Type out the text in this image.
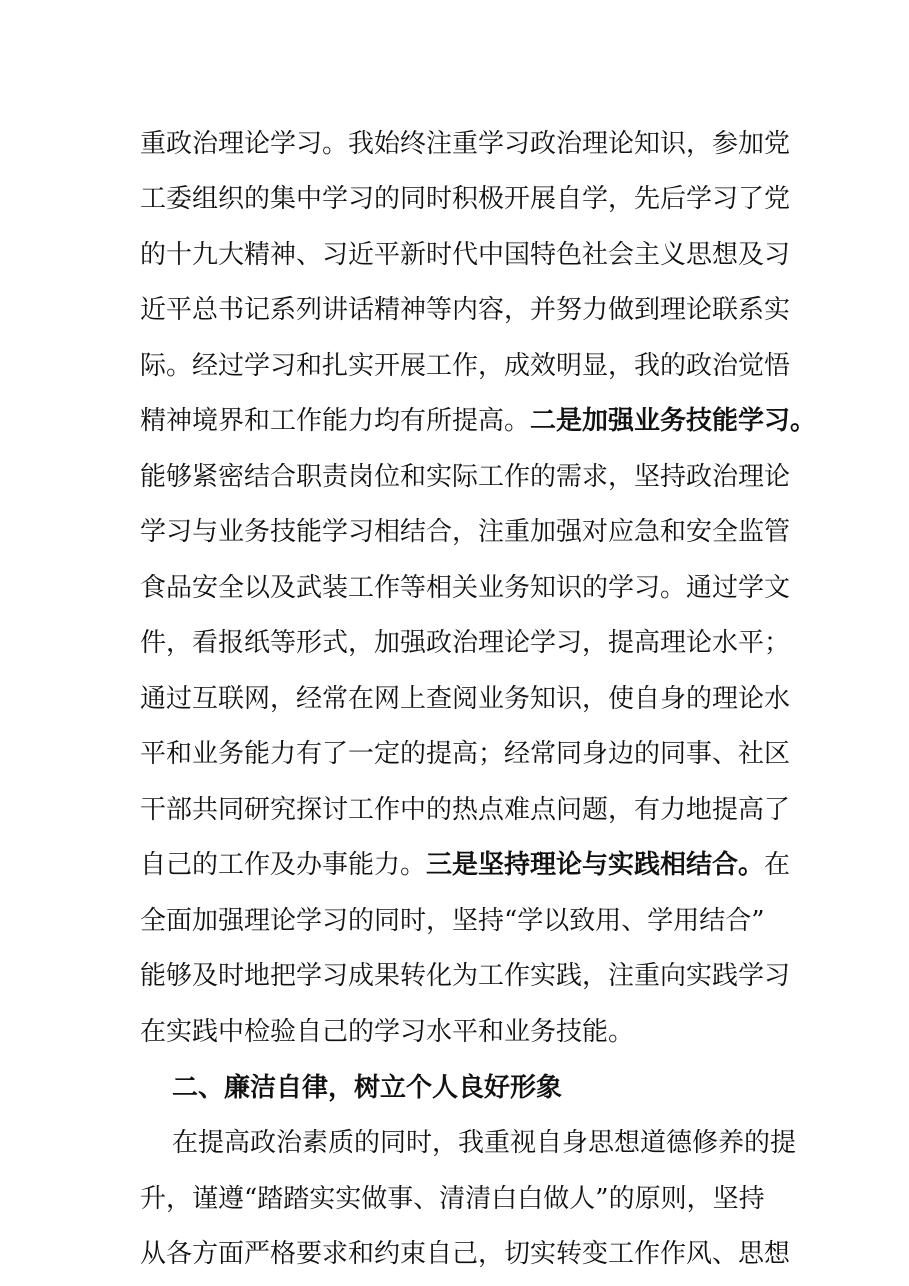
重政治理论学习。我始终注重学习政治理论知识，参加党
工委组织的集中学习的同时积极开展自学，先后学习了党
的十九大精神、习近平新时代中国特色社会主义思想及习
近平总书记系列讲话精神等内容，并努力做到理论联系实
际。经过学习和扎实开展工作，成效明显，我的政治觉悟
精神境界和工作能力均有所提高。二是加强业务技能学习。
能够紧密结合职责岗位和实际工作的需求，坚持政治理论
学习与业务技能学习相结合，注重加强对应急和安全监管
食品安全以及武装工作等相关业务知识的学习。通过学文
件，看报纸等形式，加强政治理论学习，提高理论水平；
通过互联网，经常在网上查阅业务知识，使自身的理论水
平和业务能力有了一定的提高；经常同身边的同事、社区
干部共同研究探讨工作中的热点难点问题，有力地提高了
自己的工作及办事能力。三是坚持理论与实践相结合。在
全面加强理论学习的同时，坚持“学以致用、学用结合”
能够及时地把学习成果转化为工作实践，注重向实践学习
在实践中检验自己的学习水平和业务技能。
二、廉洁自律，树立个人良好形象
在提高政治素质的同时，我重视自身思想道德修养的提
升，谨遵“踏踏实实做事、清清白白做人”的原则，坚持
从各方面严格要求和约束自己，切实转变工作作风、思想
